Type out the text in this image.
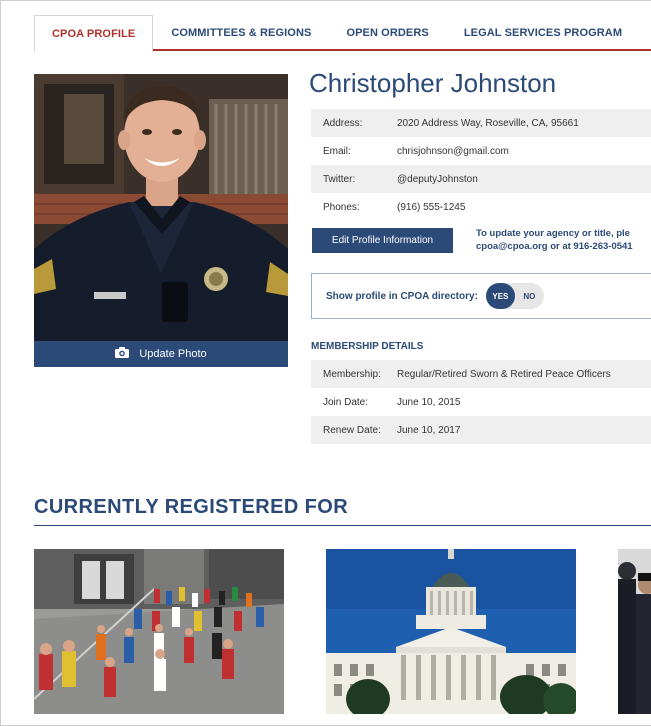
CPOA PROFILE	COMMITTEES & REGIONS	OPEN ORDERS	LEGAL SERVICES PROGRAM
Update Photo
Christopher Johnston
Address:	2020 Address Way, Roseville, CA, 95661
Email:	chrisjohnson@gmail.com
Twitter:	@deputyJohnston
Phones:	(916) 555-1245
Edit Profile Information
To update your agency or title, ple
cpoa@cpoa.org or at 916-263-0541
Show profile in CPOA directory:	YES	NO
MEMBERSHIP DETAILS
Membership:	Regular/Retired Sworn & Retired Peace Officers
Join Date:	June 10, 2015
Renew Date:	June 10, 2017
CURRENTLY REGISTERED FOR
